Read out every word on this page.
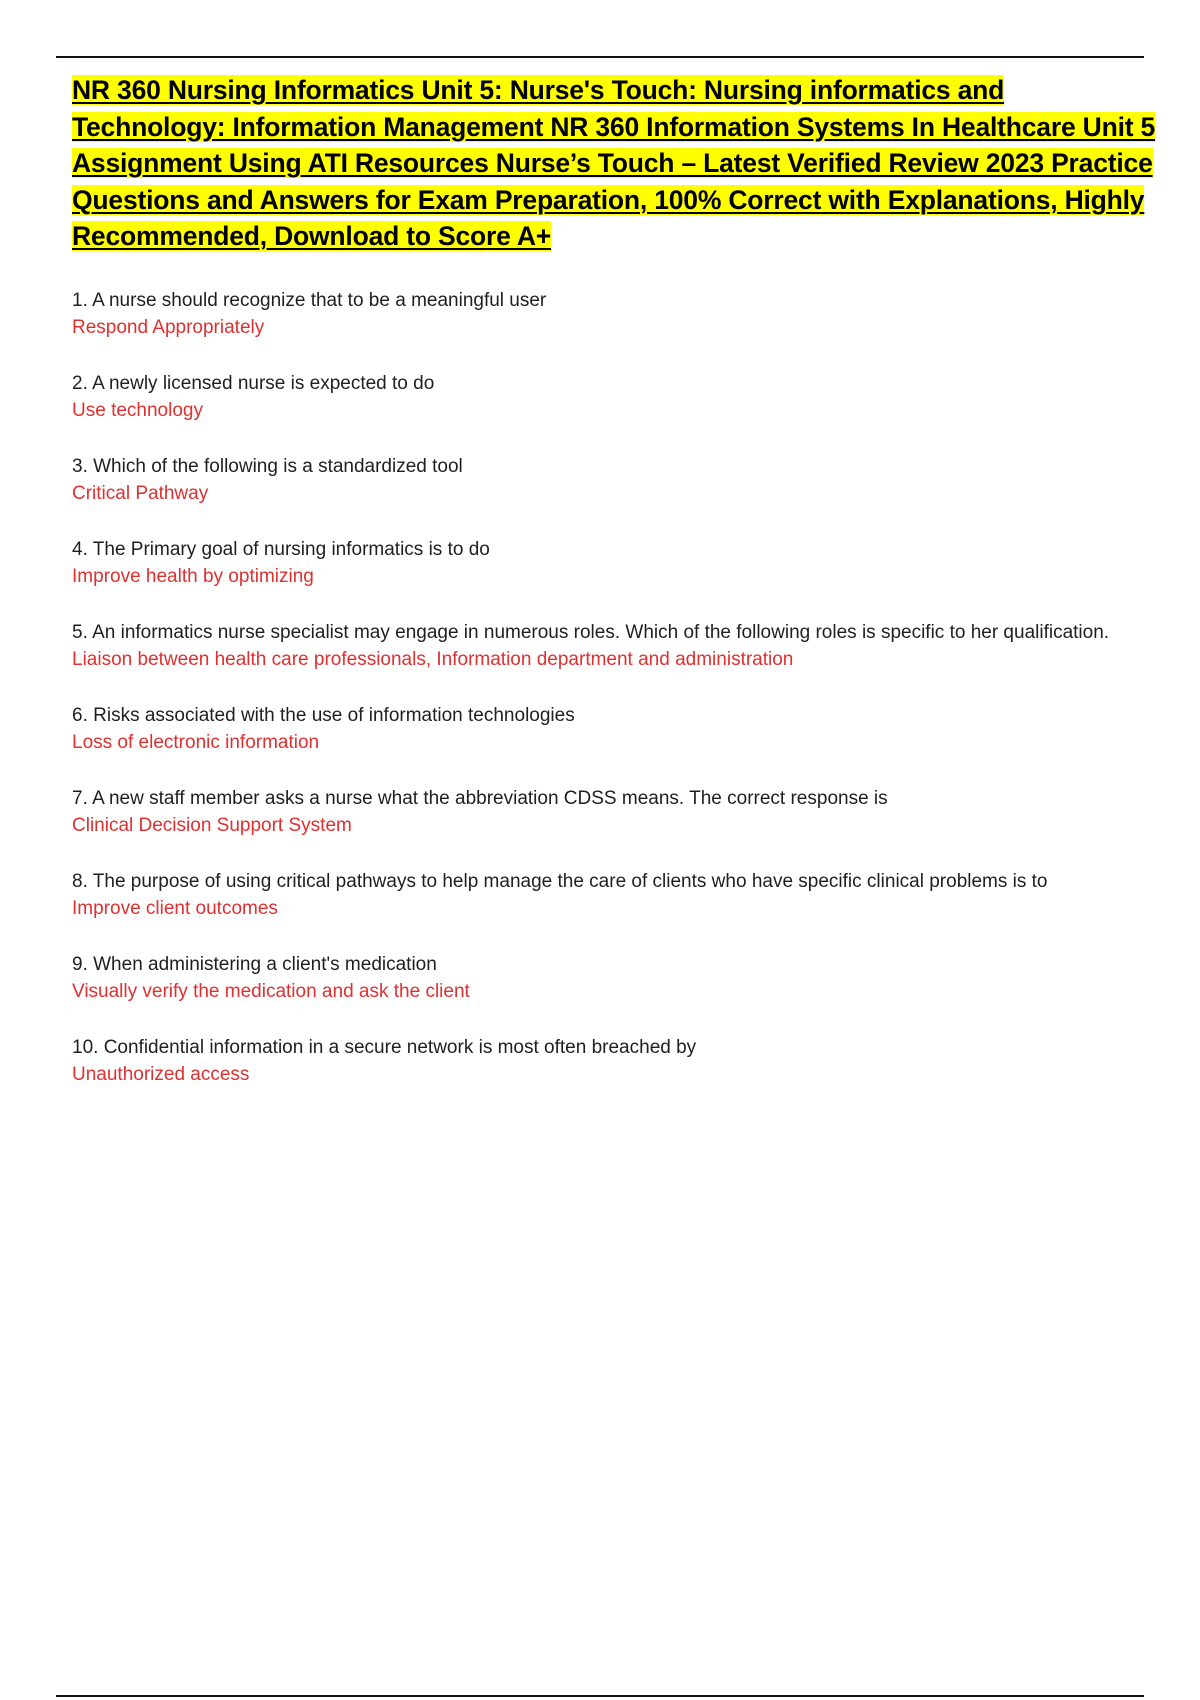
NR 360 Nursing Informatics Unit 5: Nurse's Touch: Nursing informatics and Technology: Information Management NR 360 Information Systems In Healthcare Unit 5 Assignment Using ATI Resources Nurse’s Touch – Latest Verified Review 2023 Practice Questions and Answers for Exam Preparation, 100% Correct with Explanations, Highly Recommended, Download to Score A+
1. A nurse should recognize that to be a meaningful user
Respond Appropriately
2. A newly licensed nurse is expected to do
Use technology
3. Which of the following is a standardized tool
Critical Pathway
4. The Primary goal of nursing informatics is to do
Improve health by optimizing
5. An informatics nurse specialist may engage in numerous roles. Which of the following roles is specific to her qualification.
Liaison between health care professionals, Information department and administration
6. Risks associated with the use of information technologies
Loss of electronic information
7. A new staff member asks a nurse what the abbreviation CDSS means. The correct response is
Clinical Decision Support System
8. The purpose of using critical pathways to help manage the care of clients who have specific clinical problems is to
Improve client outcomes
9. When administering a client's medication
Visually verify the medication and ask the client
10. Confidential information in a secure network is most often breached by
Unauthorized access
